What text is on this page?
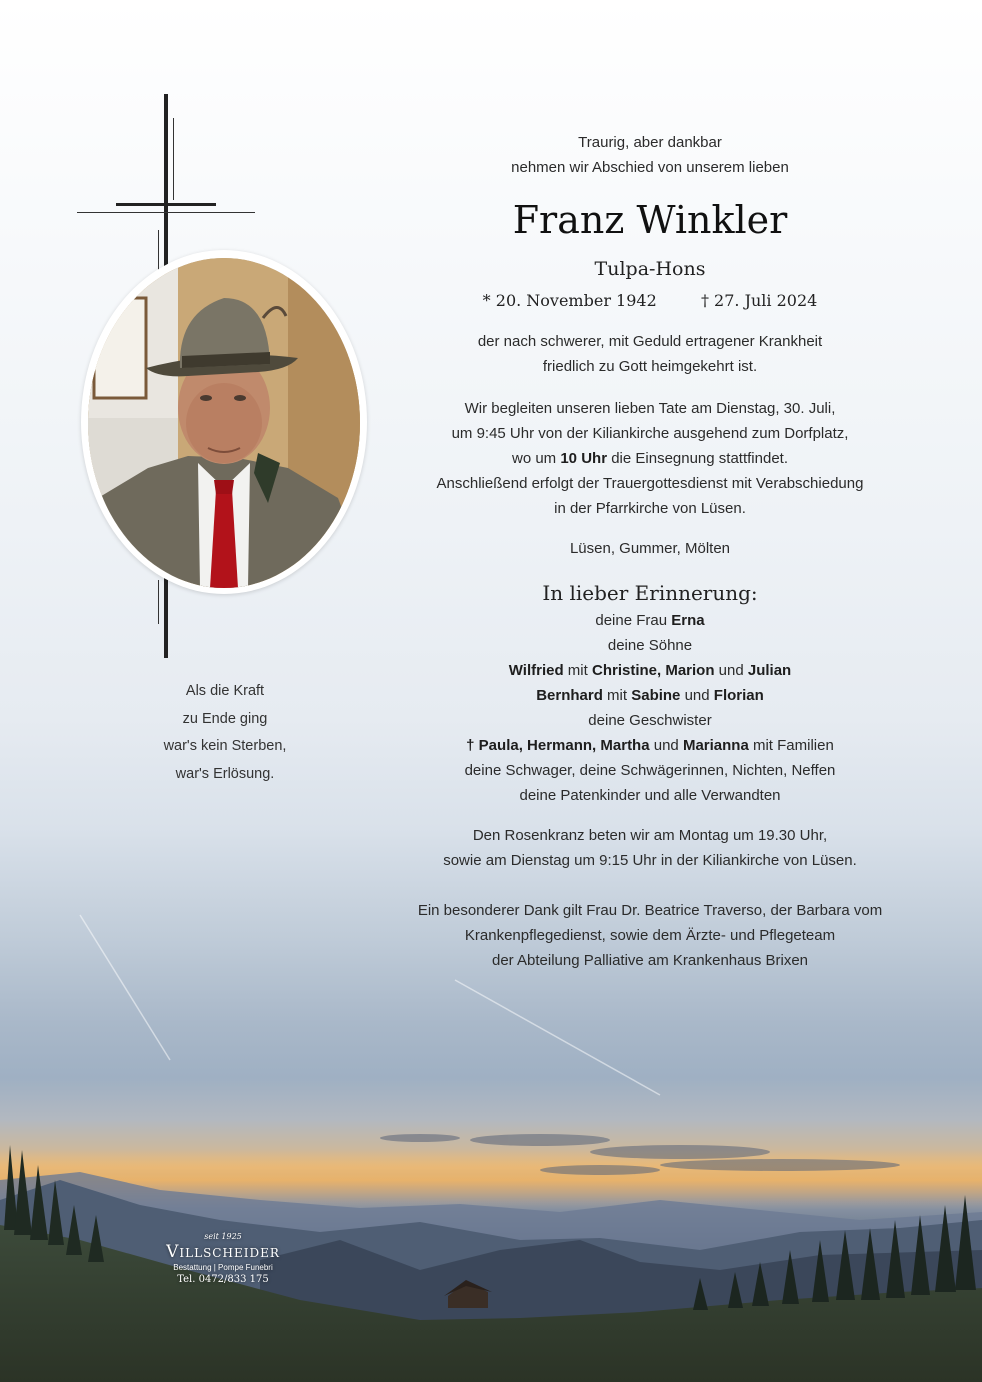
Als die Kraft
zu Ende ging
war's kein Sterben,
war's Erlösung.
Traurig, aber dankbar
nehmen wir Abschied von unserem lieben
Franz Winkler
Tulpa-Hons
* 20. November 1942	† 27. Juli 2024
der nach schwerer, mit Geduld ertragener Krankheit
friedlich zu Gott heimgekehrt ist.
Wir begleiten unseren lieben Tate am Dienstag, 30. Juli,
um 9:45 Uhr von der Kiliankirche ausgehend zum Dorfplatz,
wo um 10 Uhr die Einsegnung stattfindet.
Anschließend erfolgt der Trauergottesdienst mit Verabschiedung
in der Pfarrkirche von Lüsen.
Lüsen, Gummer, Mölten
In lieber Erinnerung:
deine Frau Erna
deine Söhne
Wilfried mit Christine, Marion und Julian
Bernhard mit Sabine und Florian
deine Geschwister
† Paula, Hermann, Martha und Marianna mit Familien
deine Schwager, deine Schwägerinnen, Nichten, Neffen
deine Patenkinder und alle Verwandten
Den Rosenkranz beten wir am Montag um 19.30 Uhr,
sowie am Dienstag um 9:15 Uhr in der Kiliankirche von Lüsen.
Ein besonderer Dank gilt Frau Dr. Beatrice Traverso, der Barbara vom
Krankenpflegedienst, sowie dem Ärzte- und Pflegeteam
der Abteilung Palliative am Krankenhaus Brixen
seit 1925
Villscheider
Bestattung | Pompe Funebri
Tel. 0472/833 175
